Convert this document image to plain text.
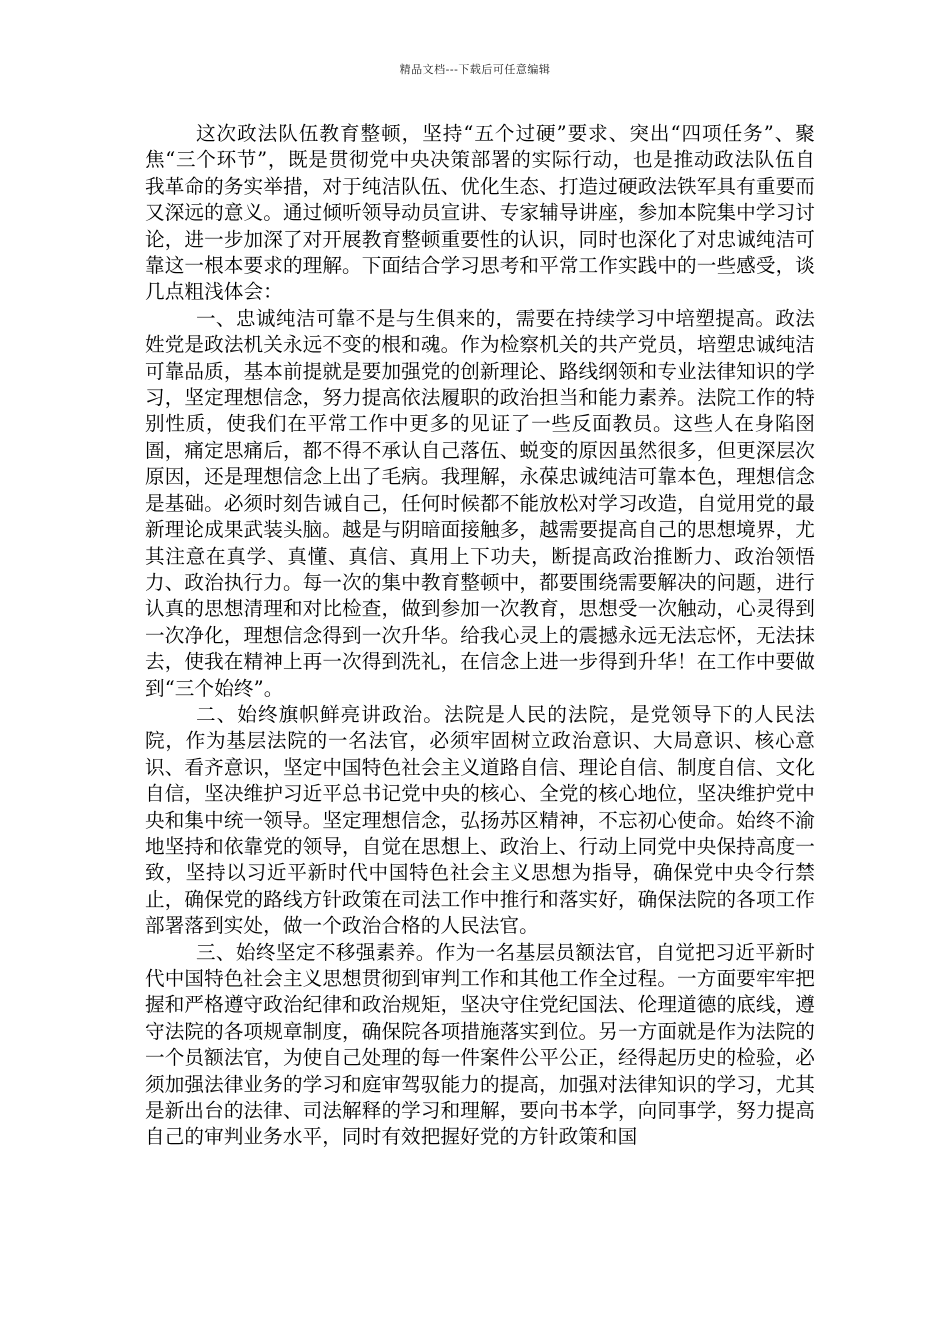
精品文档---下载后可任意编辑

这次政法队伍教育整顿，坚持“五个过硬”要求、突出“四项任务”、聚焦“三个环节”，既是贯彻党中央决策部署的实际行动，也是推动政法队伍自我革命的务实举措，对于纯洁队伍、优化生态、打造过硬政法铁军具有重要而又深远的意义。通过倾听领导动员宣讲、专家辅导讲座，参加本院集中学习讨论，进一步加深了对开展教育整顿重要性的认识，同时也深化了对忠诚纯洁可靠这一根本要求的理解。下面结合学习思考和平常工作实践中的一些感受，谈几点粗浅体会：

一、忠诚纯洁可靠不是与生俱来的，需要在持续学习中培塑提高。政法姓党是政法机关永远不变的根和魂。作为检察机关的共产党员，培塑忠诚纯洁可靠品质，基本前提就是要加强党的创新理论、路线纲领和专业法律知识的学习，坚定理想信念，努力提高依法履职的政治担当和能力素养。法院工作的特别性质，使我们在平常工作中更多的见证了一些反面教员。这些人在身陷囹圄，痛定思痛后，都不得不承认自己落伍、蜕变的原因虽然很多，但更深层次原因，还是理想信念上出了毛病。我理解，永葆忠诚纯洁可靠本色，理想信念是基础。必须时刻告诫自己，任何时候都不能放松对学习改造，自觉用党的最新理论成果武装头脑。越是与阴暗面接触多，越需要提高自己的思想境界，尤其注意在真学、真懂、真信、真用上下功夫，断提高政治推断力、政治领悟力、政治执行力。每一次的集中教育整顿中，都要围绕需要解决的问题，进行认真的思想清理和对比检查，做到参加一次教育，思想受一次触动，心灵得到一次净化，理想信念得到一次升华。给我心灵上的震撼永远无法忘怀，无法抹去，使我在精神上再一次得到洗礼，在信念上进一步得到升华！在工作中要做到“三个始终”。

二、始终旗帜鲜亮讲政治。法院是人民的法院，是党领导下的人民法院，作为基层法院的一名法官，必须牢固树立政治意识、大局意识、核心意识、看齐意识，坚定中国特色社会主义道路自信、理论自信、制度自信、文化自信，坚决维护习近平总书记党中央的核心、全党的核心地位，坚决维护党中央和集中统一领导。坚定理想信念，弘扬苏区精神，不忘初心使命。始终不渝地坚持和依靠党的领导，自觉在思想上、政治上、行动上同党中央保持高度一致，坚持以习近平新时代中国特色社会主义思想为指导，确保党中央令行禁止，确保党的路线方针政策在司法工作中推行和落实好，确保法院的各项工作部署落到实处，做一个政治合格的人民法官。

三、始终坚定不移强素养。作为一名基层员额法官，自觉把习近平新时代中国特色社会主义思想贯彻到审判工作和其他工作全过程。一方面要牢牢把握和严格遵守政治纪律和政治规矩，坚决守住党纪国法、伦理道德的底线，遵守法院的各项规章制度，确保院各项措施落实到位。另一方面就是作为法院的一个员额法官，为使自己处理的每一件案件公平公正，经得起历史的检验，必须加强法律业务的学习和庭审驾驭能力的提高，加强对法律知识的学习，尤其是新出台的法律、司法解释的学习和理解，要向书本学，向同事学，努力提高自己的审判业务水平，同时有效把握好党的方针政策和国
